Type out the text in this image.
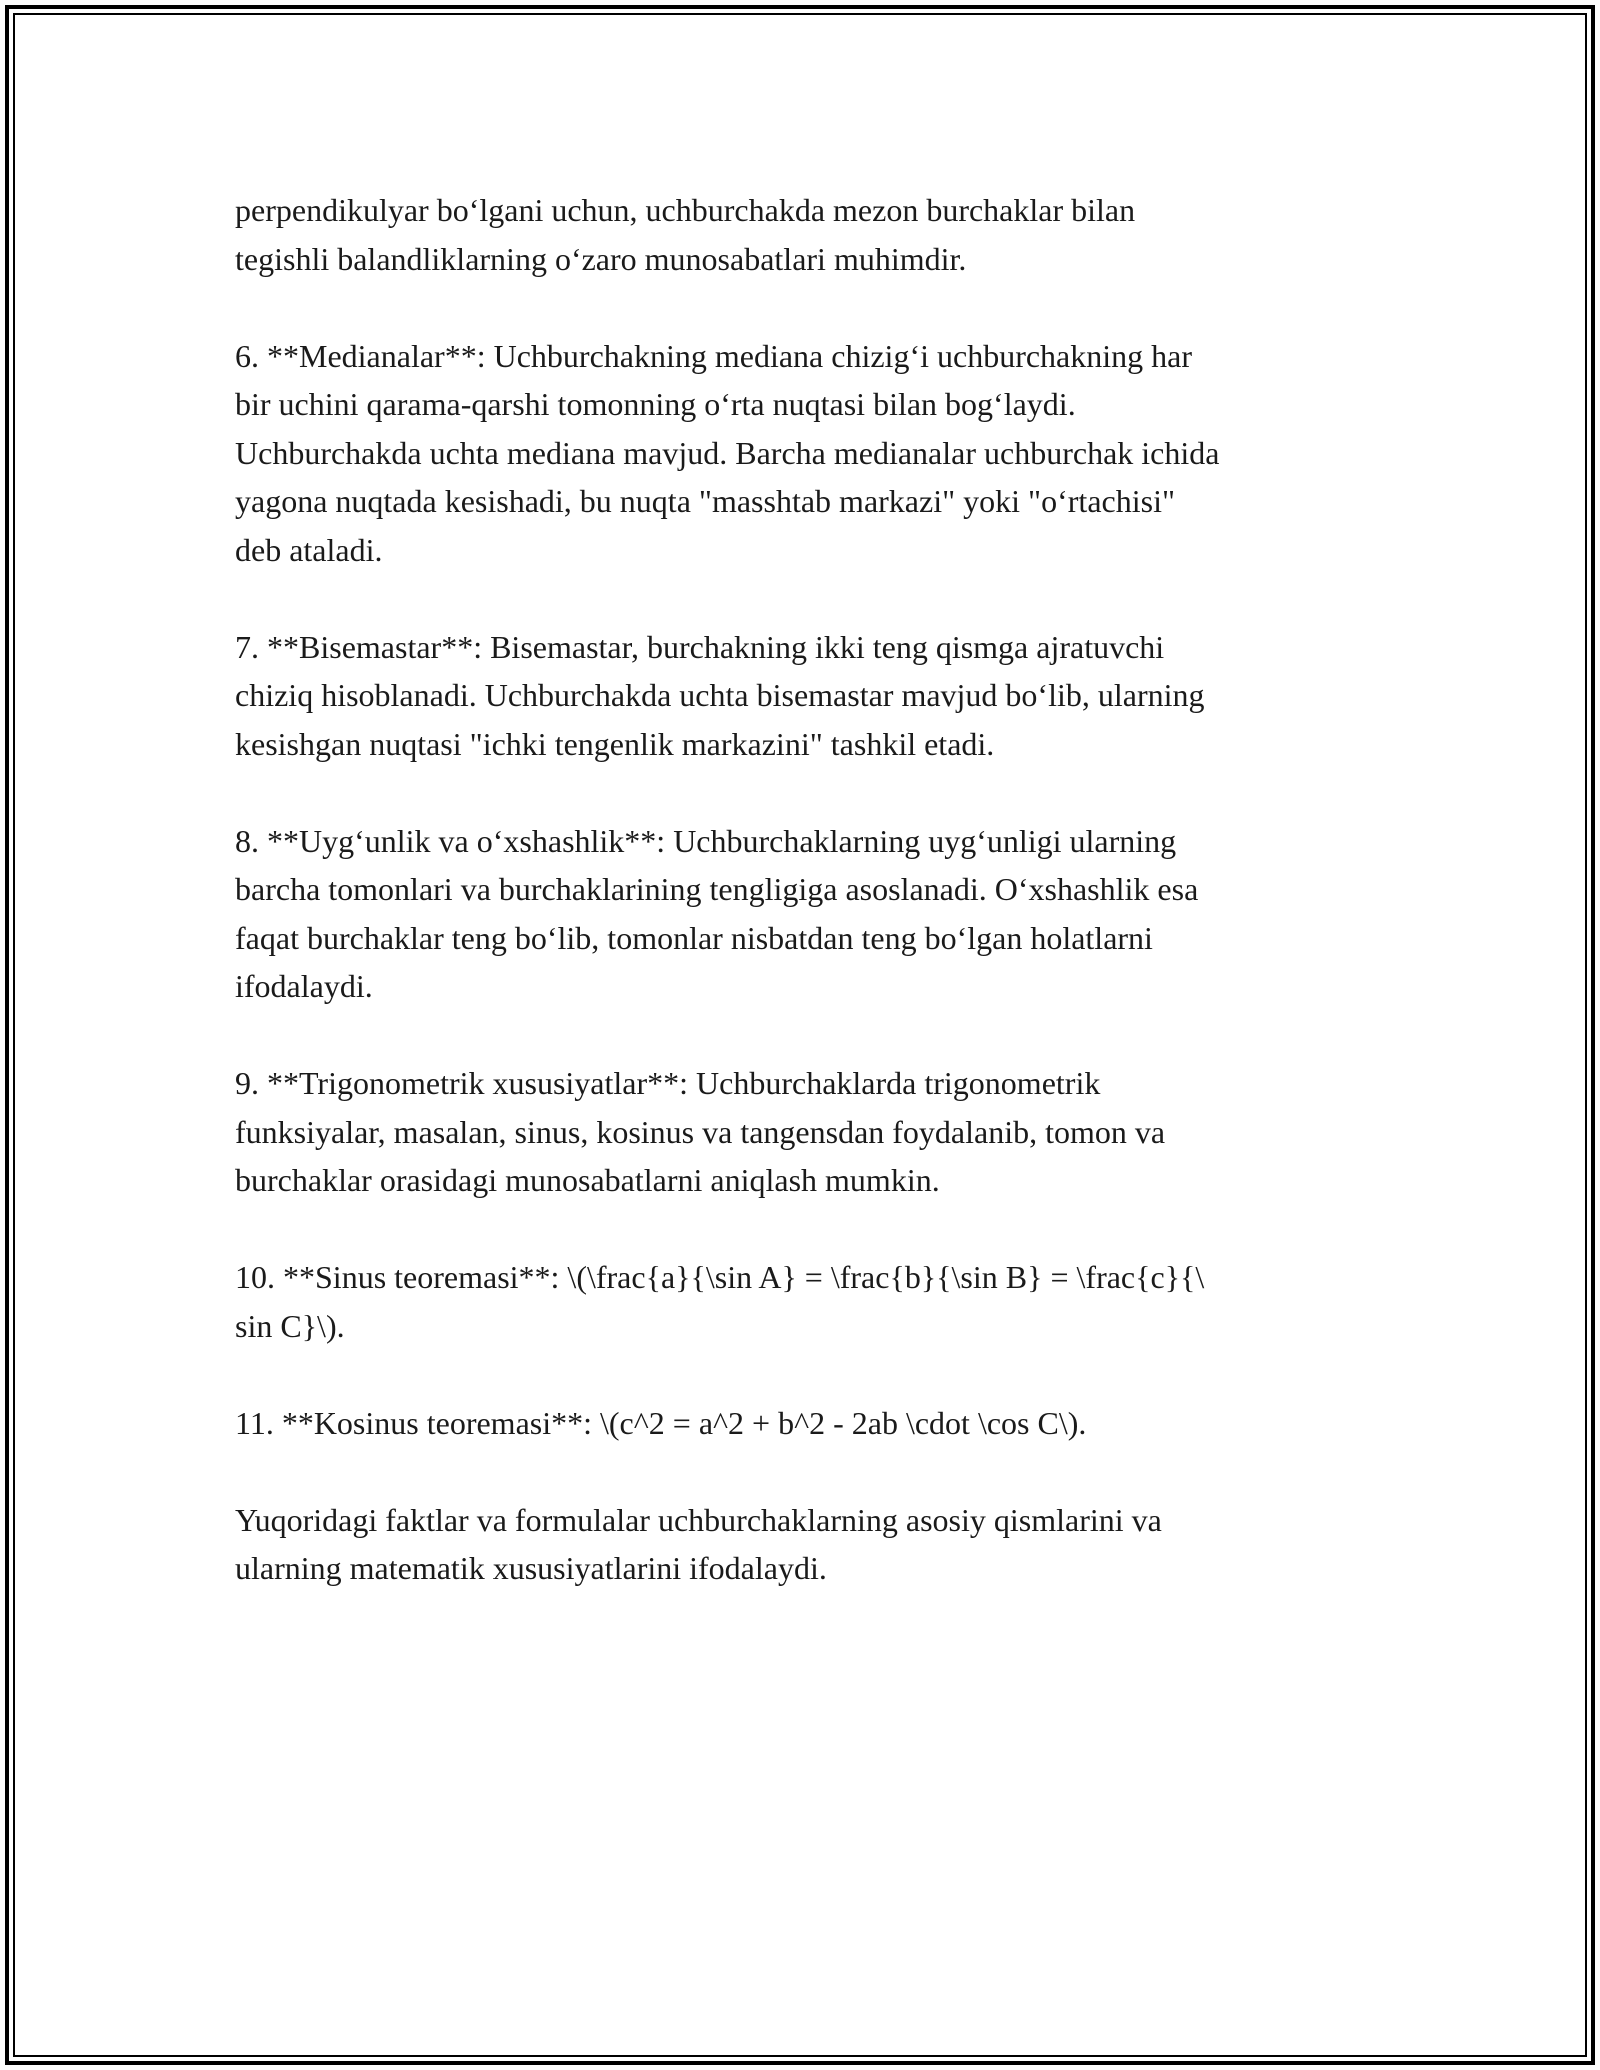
perpendikulyar bo‘lgani uchun, uchburchakda mezon burchaklar bilan
tegishli balandliklarning o‘zaro munosabatlari muhimdir.

6. **Medianalar**: Uchburchakning mediana chizig‘i uchburchakning har
bir uchini qarama-qarshi tomonning o‘rta nuqtasi bilan bog‘laydi.
Uchburchakda uchta mediana mavjud. Barcha medianalar uchburchak ichida
yagona nuqtada kesishadi, bu nuqta "masshtab markazi" yoki "o‘rtachisi"
deb ataladi.

7. **Bisemastar**: Bisemastar, burchakning ikki teng qismga ajratuvchi
chiziq hisoblanadi. Uchburchakda uchta bisemastar mavjud bo‘lib, ularning
kesishgan nuqtasi "ichki tengenlik markazini" tashkil etadi.

8. **Uyg‘unlik va o‘xshashlik**: Uchburchaklarning uyg‘unligi ularning
barcha tomonlari va burchaklarining tengligiga asoslanadi. O‘xshashlik esa
faqat burchaklar teng bo‘lib, tomonlar nisbatdan teng bo‘lgan holatlarni
ifodalaydi.

9. **Trigonometrik xususiyatlar**: Uchburchaklarda trigonometrik
funksiyalar, masalan, sinus, kosinus va tangensdan foydalanib, tomon va
burchaklar orasidagi munosabatlarni aniqlash mumkin.

10. **Sinus teoremasi**: \(\frac{a}{\sin A} = \frac{b}{\sin B} = \frac{c}{\
sin C}\).

11. **Kosinus teoremasi**: \(c^2 = a^2 + b^2 - 2ab \cdot \cos C\).

Yuqoridagi faktlar va formulalar uchburchaklarning asosiy qismlarini va
ularning matematik xususiyatlarini ifodalaydi.
